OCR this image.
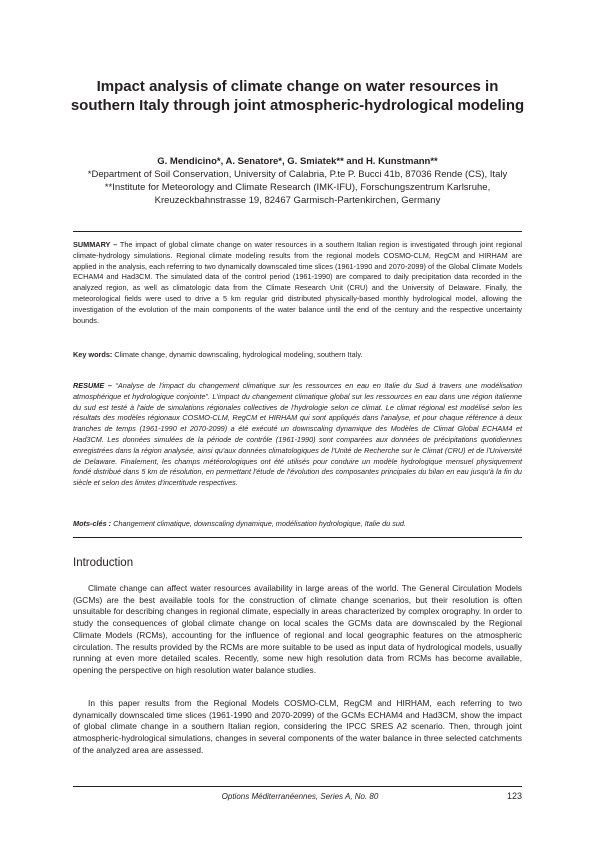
Impact analysis of climate change on water resources in southern Italy through joint atmospheric-hydrological modeling
G. Mendicino*, A. Senatore*, G. Smiatek** and H. Kunstmann**
*Department of Soil Conservation, University of Calabria, P.te P. Bucci 41b, 87036 Rende (CS), Italy
**Institute for Meteorology and Climate Research (IMK-IFU), Forschungszentrum Karlsruhe, Kreuzeckbahnstrasse 19, 82467 Garmisch-Partenkirchen, Germany

SUMMARY – The impact of global climate change on water resources in a southern Italian region is investigated through joint regional climate-hydrology simulations. Regional climate modeling results from the regional models COSMO-CLM, RegCM and HIRHAM are applied in the analysis, each referring to two dynamically downscaled time slices (1961-1990 and 2070-2099) of the Global Climate Models ECHAM4 and Had3CM. The simulated data of the control period (1961-1990) are compared to daily precipitation data recorded in the analyzed region, as well as climatologic data from the Climate Research Unit (CRU) and the University of Delaware. Finally, the meteorological fields were used to drive a 5 km regular grid distributed physically-based monthly hydrological model, allowing the investigation of the evolution of the main components of the water balance until the end of the century and the respective uncertainty bounds.

Key words: Climate change, dynamic downscaling, hydrological modeling, southern Italy.

RESUME – “Analyse de l'impact du changement climatique sur les ressources en eau en Italie du Sud à travers une modélisation atmosphérique et hydrologique conjointe”. L'impact du changement climatique global sur les ressources en eau dans une région italienne du sud est testé à l'aide de simulations régionales collectives de l'hydrologie selon ce climat. Le climat régional est modélisé selon les résultats des modèles régionaux COSMO-CLM, RegCM et HIRHAM qui sont appliqués dans l'analyse, et pour chaque référence à deux tranches de temps (1961-1990 et 2070-2099) a été exécuté un downscaling dynamique des Modèles de Climat Global ECHAM4 et Had3CM. Les données simulées de la période de contrôle (1961-1990) sont comparées aux données de précipitations quotidiennes enregistrées dans la région analysée, ainsi qu'aux données climatologiques de l'Unité de Recherche sur le Climat (CRU) et de l'Université de Delaware. Finalement, les champs météorologiques ont été utilisés pour conduire un modèle hydrologique mensuel physiquement fondé distribué dans 5 km de résolution, en permettant l'étude de l'évolution des composantes principales du bilan en eau jusqu'à la fin du siècle et selon des limites d'incertitude respectives.

Mots-clés : Changement climatique, downscaling dynamique, modélisation hydrologique, Italie du sud.

Introduction

Climate change can affect water resources availability in large areas of the world. The General Circulation Models (GCMs) are the best available tools for the construction of climate change scenarios, but their resolution is often unsuitable for describing changes in regional climate, especially in areas characterized by complex orography. In order to study the consequences of global climate change on local scales the GCMs data are downscaled by the Regional Climate Models (RCMs), accounting for the influence of regional and local geographic features on the atmospheric circulation. The results provided by the RCMs are more suitable to be used as input data of hydrological models, usually running at even more detailed scales. Recently, some new high resolution data from RCMs has become available, opening the perspective on high resolution water balance studies.

In this paper results from the Regional Models COSMO-CLM, RegCM and HIRHAM, each referring to two dynamically downscaled time slices (1961-1990 and 2070-2099) of the GCMs ECHAM4 and Had3CM, show the impact of global climate change in a southern Italian region, considering the IPCC SRES A2 scenario. Then, through joint atmospheric-hydrological simulations, changes in several components of the water balance in three selected catchments of the analyzed area are assessed.

Options Méditerranéennes, Series A, No. 80	123
